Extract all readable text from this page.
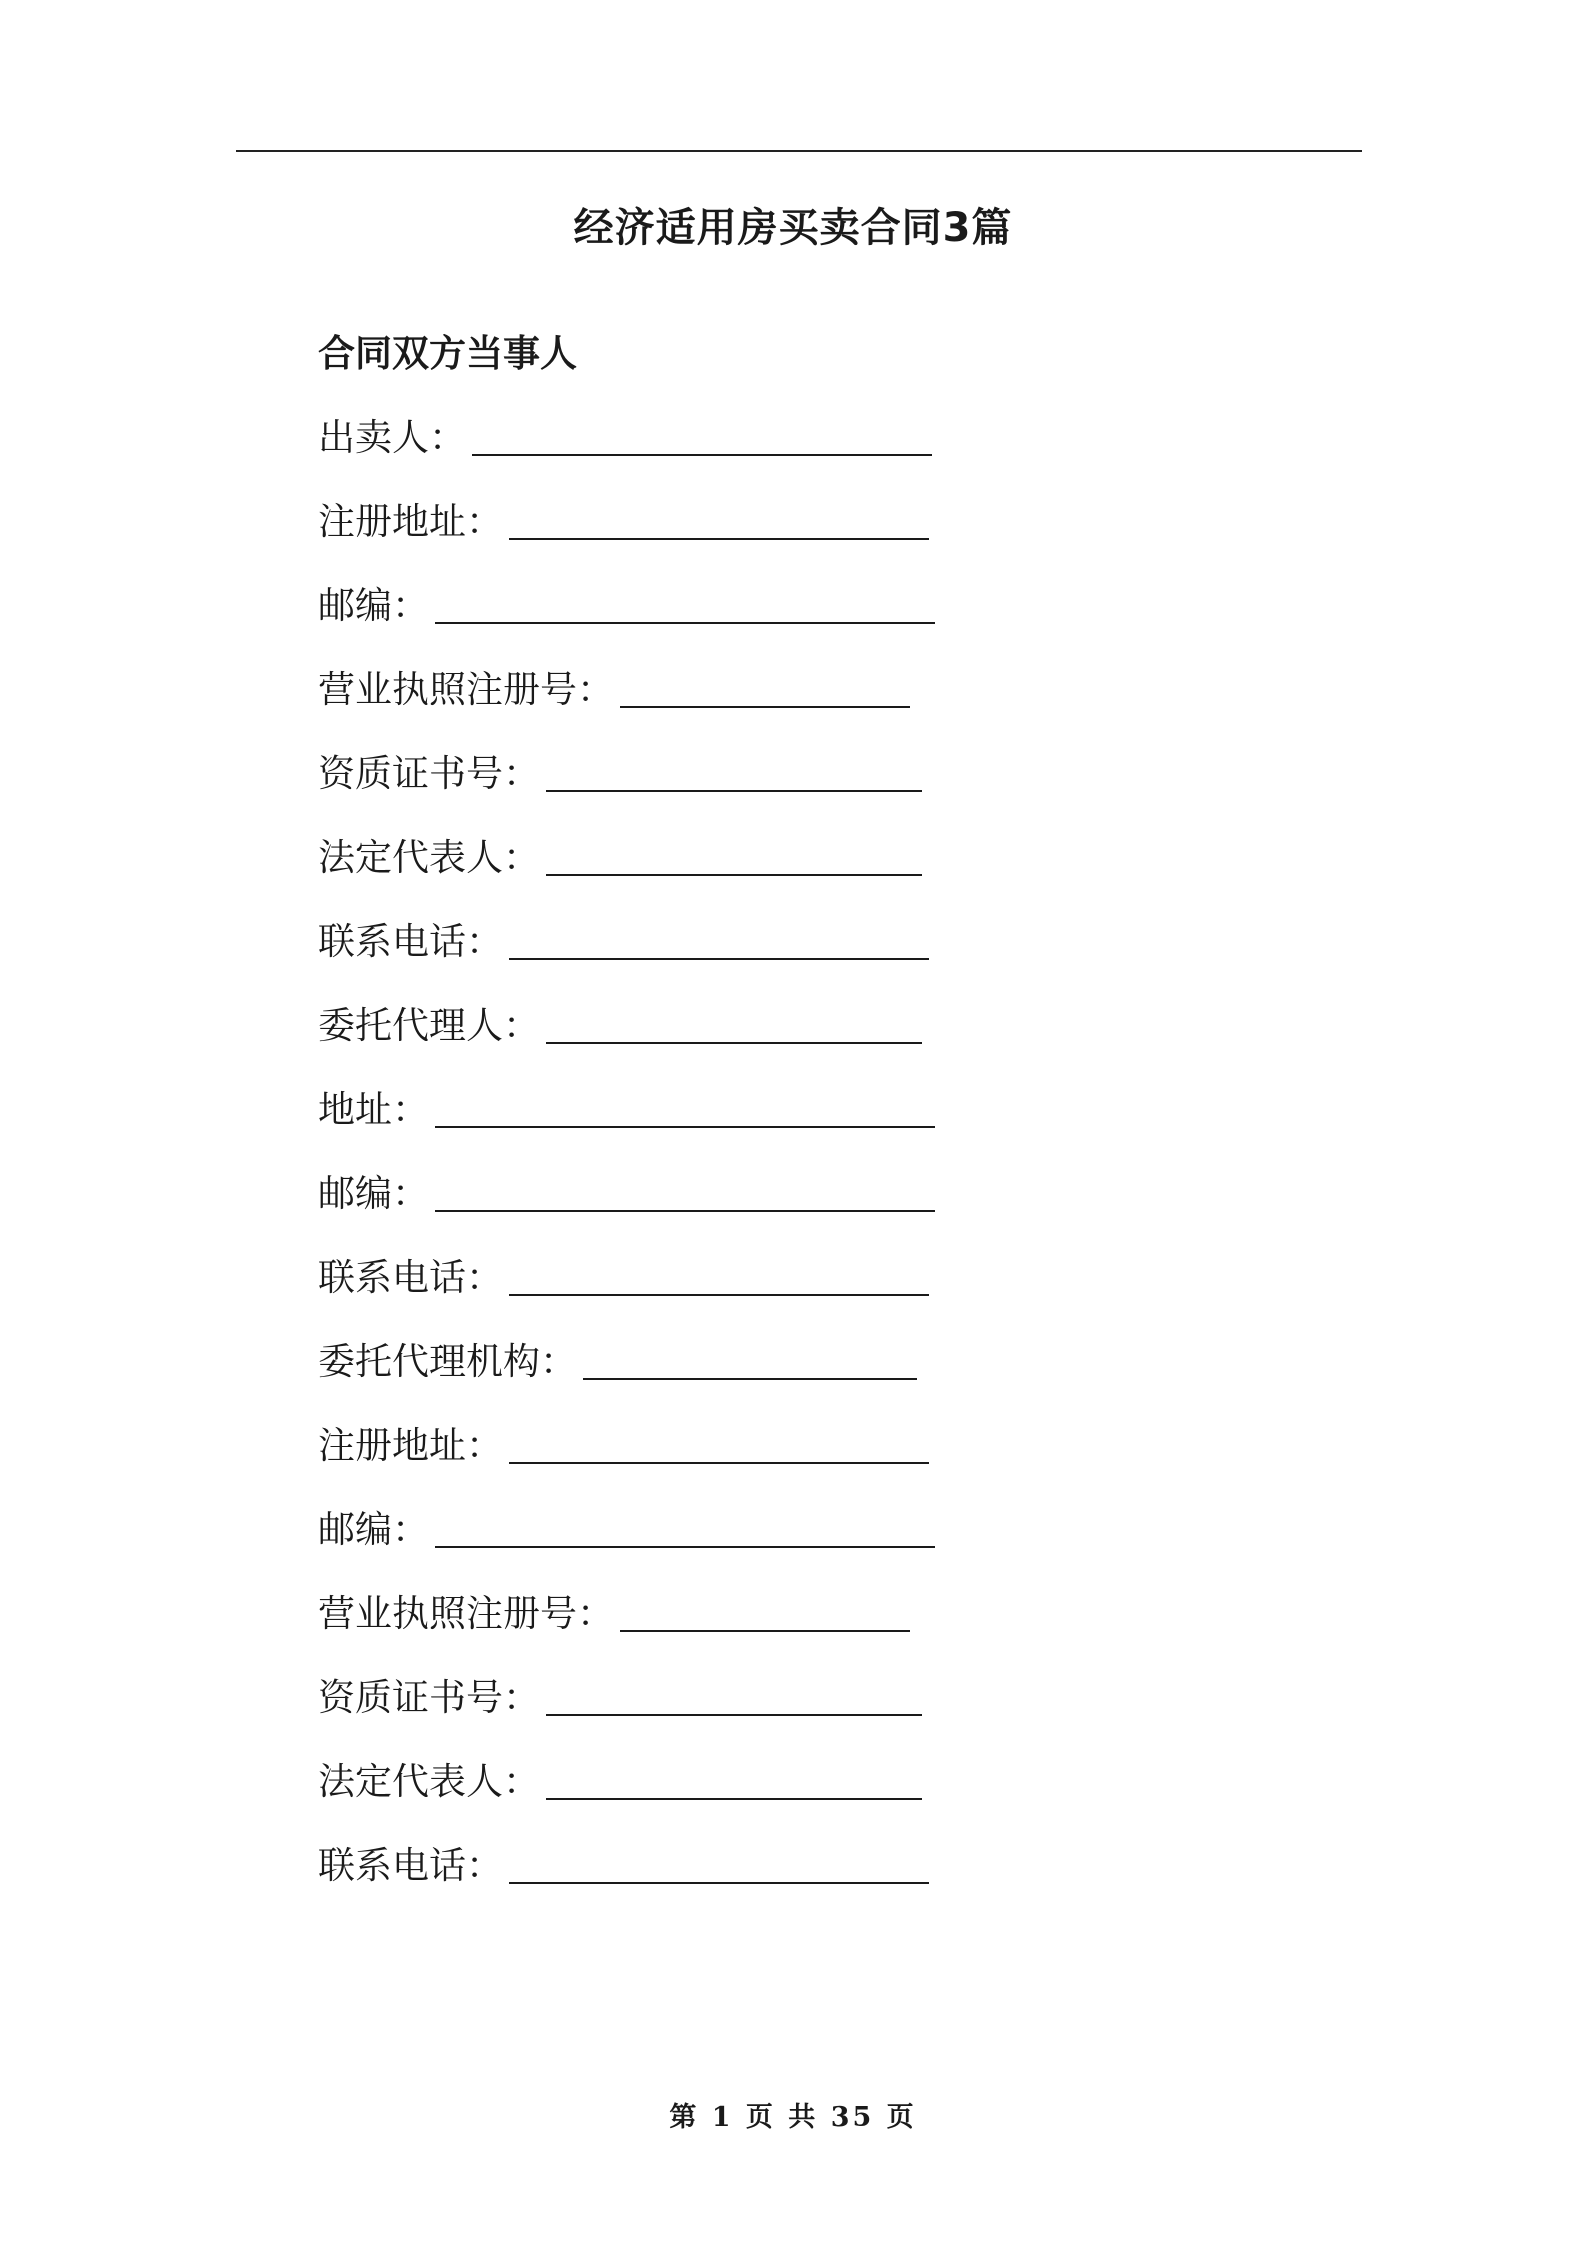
经济适用房买卖合同3篇
合同双方当事人
出卖人：
注册地址：
邮编：
营业执照注册号：
资质证书号：
法定代表人：
联系电话：
委托代理人：
地址：
邮编：
联系电话：
委托代理机构：
注册地址：
邮编：
营业执照注册号：
资质证书号：
法定代表人：
联系电话：
第 1 页 共 35 页
